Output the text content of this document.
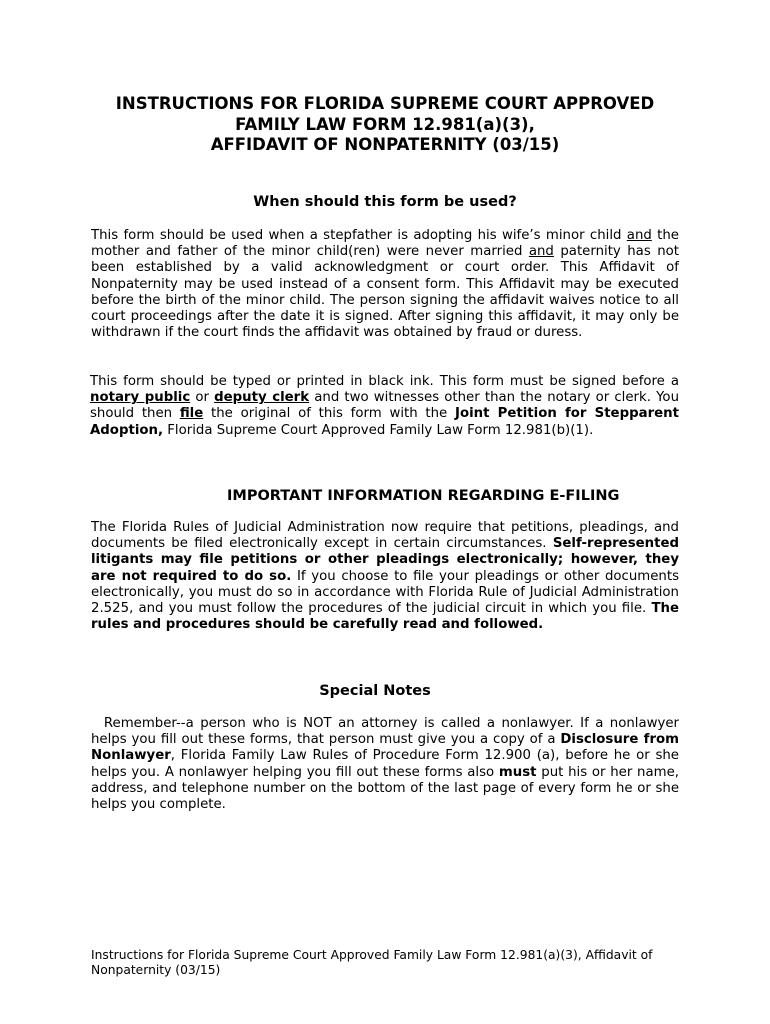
INSTRUCTIONS FOR FLORIDA SUPREME COURT APPROVED
FAMILY LAW FORM 12.981(a)(3),
AFFIDAVIT OF NONPATERNITY (03/15)
When should this form be used?

This form should be used when a stepfather is adopting his wife’s minor child and the mother and father of the minor child(ren) were never married and paternity has not been established by a valid acknowledgment or court order. This Affidavit of Nonpaternity may be used instead of a consent form. This Affidavit may be executed before the birth of the minor child. The person signing the affidavit waives notice to all court proceedings after the date it is signed. After signing this affidavit, it may only be withdrawn if the court finds the affidavit was obtained by fraud or duress.

This form should be typed or printed in black ink. This form must be signed before a notary public or deputy clerk and two witnesses other than the notary or clerk. You should then file the original of this form with the Joint Petition for Stepparent Adoption, Florida Supreme Court Approved Family Law Form 12.981(b)(1).

IMPORTANT INFORMATION REGARDING E-FILING

The Florida Rules of Judicial Administration now require that petitions, pleadings, and documents be filed electronically except in certain circumstances. Self-represented litigants may file petitions or other pleadings electronically; however, they are not required to do so. If you choose to file your pleadings or other documents electronically, you must do so in accordance with Florida Rule of Judicial Administration 2.525, and you must follow the procedures of the judicial circuit in which you file. The rules and procedures should be carefully read and followed.

Special Notes

Remember--a person who is NOT an attorney is called a nonlawyer. If a nonlawyer helps you fill out these forms, that person must give you a copy of a Disclosure from Nonlawyer, Florida Family Law Rules of Procedure Form 12.900 (a), before he or she helps you. A nonlawyer helping you fill out these forms also must put his or her name, address, and telephone number on the bottom of the last page of every form he or she helps you complete.

Instructions for Florida Supreme Court Approved Family Law Form 12.981(a)(3), Affidavit of Nonpaternity (03/15)
